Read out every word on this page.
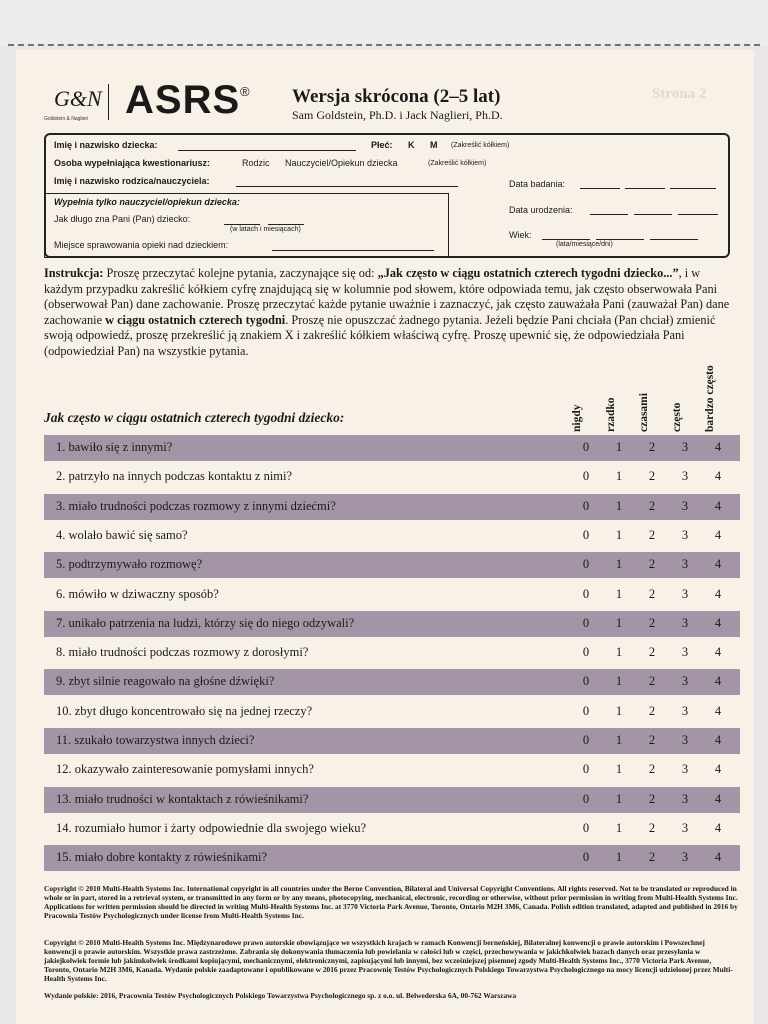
G&N
Goldstein & Naglieri ASRS ® Wersja skrócona (2–5 lat)
Sam Goldstein, Ph.D. i Jack Naglieri, Ph.D.
Strona 2
Imię i nazwisko dziecka:	Płeć: K M (Zakreślić kółkiem)
Osoba wypełniająca kwestionariusz:	Rodzic Nauczyciel/Opiekun dziecka	(Zakreślić kółkiem)
Imię i nazwisko rodzica/nauczyciela:
Wypełnia tylko nauczyciel/opiekun dziecka:
Jak długo zna Pani (Pan) dziecko:
(w latach i miesiącach)
Miejsce sprawowania opieki nad dzieckiem:
Data badania:
Data urodzenia:
Wiek:
(lata/miesiące/dni)

Instrukcja: Proszę przeczytać kolejne pytania, zaczynające się od: „Jak często w ciągu ostatnich czterech tygodni dziecko...”, i w każdym przypadku zakreślić kółkiem cyfrę znajdującą się w kolumnie pod słowem, które odpowiada temu, jak często obserwowała Pani (obserwował Pan) dane zachowanie. Proszę przeczytać każde pytanie uważnie i zaznaczyć, jak często zauważała Pani (zauważał Pan) dane zachowanie w ciągu ostatnich czterech tygodni. Proszę nie opuszczać żadnego pytania. Jeżeli będzie Pani chciała (Pan chciał) zmienić swoją odpowiedź, proszę przekreślić ją znakiem X i zakreślić kółkiem właściwą cyfrę. Proszę upewnić się, że odpowiedziała Pani (odpowiedział Pan) na wszystkie pytania.

Jak często w ciągu ostatnich czterech tygodni dziecko:	nigdy rzadko czasami często bardzo często
1. bawiło się z innymi?	0	1	2	3	4
2. patrzyło na innych podczas kontaktu z nimi?	0	1	2	3	4
3. miało trudności podczas rozmowy z innymi dziećmi?	0	1	2	3	4
4. wolało bawić się samo?	0	1	2	3	4
5. podtrzymywało rozmowę?	0	1	2	3	4
6. mówiło w dziwaczny sposób?	0	1	2	3	4
7. unikało patrzenia na ludzi, którzy się do niego odzywali?	0	1	2	3	4
8. miało trudności podczas rozmowy z dorosłymi?	0	1	2	3	4
9. zbyt silnie reagowało na głośne dźwięki?	0	1	2	3	4
10. zbyt długo koncentrowało się na jednej rzeczy?	0	1	2	3	4
11. szukało towarzystwa innych dzieci?	0	1	2	3	4
12. okazywało zainteresowanie pomysłami innych?	0	1	2	3	4
13. miało trudności w kontaktach z rówieśnikami?	0	1	2	3	4
14. rozumiało humor i żarty odpowiednie dla swojego wieku?	0	1	2	3	4
15. miało dobre kontakty z rówieśnikami?	0	1	2	3	4
Copyright © 2010 Multi-Health Systems Inc. International copyright in all countries under the Berne Convention, Bilateral and Universal Copyright Conventions. All rights reserved. Not to be translated or reproduced in whole or in part, stored in a retrieval system, or transmitted in any form or by any means, photocopying, mechanical, electronic, recording or otherwise, without prior permission in writing from Multi-Health Systems Inc. Applications for written permission should be directed in writing Multi-Health Systems Inc. at 3770 Victoria Park Avenue, Toronto, Ontario M2H 3M6, Canada. Polish edition translated, adapted and published in 2016 by Pracownia Testów Psychologicznych under license from Multi-Health Systems Inc.
Copyright © 2010 Multi-Health Systems Inc. Międzynarodowe prawo autorskie obowiązujące we wszystkich krajach w ramach Konwencji berneńskiej, Bilateralnej konwencji o prawie autorskim i Powszechnej konwencji o prawie autorskim. Wszystkie prawa zastrzeżone. Zabrania się dokonywania tłumaczenia lub powielania w całości lub w części, przechowywania w jakichkolwiek bazach danych oraz przesyłania w jakiejkolwiek formie lub jakimkolwiek środkami kopiującymi, mechanicznymi, elektronicznymi, zapisującymi lub innymi, bez wcześniejszej pisemnej zgody Multi-Health Systems Inc., 3770 Victoria Park Avenue, Toronto, Ontario M2H 3M6, Kanada. Wydanie polskie zaadaptowane i opublikowane w 2016 przez Pracownię Testów Psychologicznych Polskiego Towarzystwa Psychologicznego na mocy licencji udzielonej przez Multi-Health Systems Inc.
Wydanie polskie: 2016, Pracownia Testów Psychologicznych Polskiego Towarzystwa Psychologicznego sp. z o.o. ul. Belwederska 6A, 00-762 Warszawa
